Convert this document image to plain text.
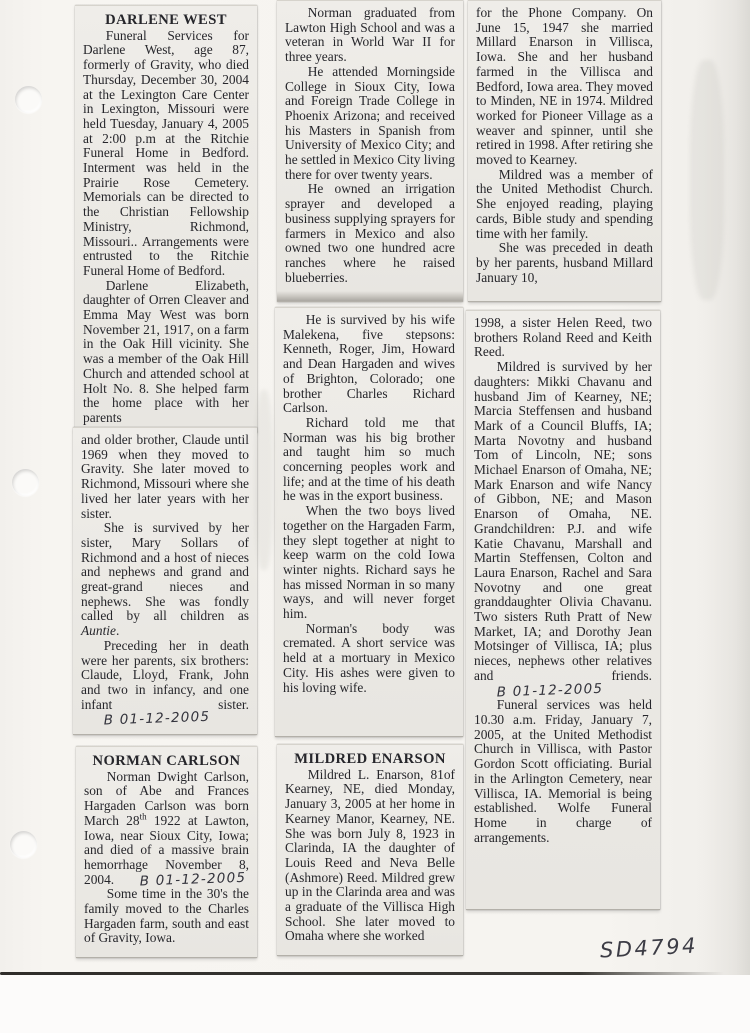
DARLENE WEST

Funeral Services for Darlene West, age 87, formerly of Gravity, who died Thursday, December 30, 2004 at the Lexington Care Center in Lexington, Missouri were held Tuesday, January 4, 2005 at 2:00 p.m at the Ritchie Funeral Home in Bedford. Interment was held in the Prairie Rose Cemetery. Memorials can be directed to the Christian Fellowship Ministry, Richmond, Missouri.. Arrangements were entrusted to the Ritchie Funeral Home of Bedford.

Darlene Elizabeth, daughter of Orren Cleaver and Emma May West was born November 21, 1917, on a farm in the Oak Hill vicinity. She was a member of the Oak Hill Church and attended school at Holt No. 8. She helped farm the home place with her parents

and older brother, Claude until 1969 when they moved to Gravity. She later moved to Richmond, Missouri where she lived her later years with her sister.

She is survived by her sister, Mary Sollars of Richmond and a host of nieces and nephews and grand and great-grand nieces and nephews. She was fondly called by all children as Auntie.

Preceding her in death were her parents, six brothers: Claude, Lloyd, Frank, John and two in infancy, and one infant sister. B 01-12-2005

NORMAN CARLSON

Norman Dwight Carlson, son of Abe and Frances Hargaden Carlson was born March 28th 1922 at Lawton, Iowa, near Sioux City, Iowa; and died of a massive brain hemorrhage November 8, 2004. B 01-12-2005

Some time in the 30's the family moved to the Charles Hargaden farm, south and east of Gravity, Iowa.

Norman graduated from Lawton High School and was a veteran in World War II for three years.

He attended Morningside College in Sioux City, Iowa and Foreign Trade College in Phoenix Arizona; and received his Masters in Spanish from University of Mexico City; and he settled in Mexico City living there for over twenty years.

He owned an irrigation sprayer and developed a business supplying sprayers for farmers in Mexico and also owned two one hundred acre ranches where he raised blueberries.

He is survived by his wife Malekena, five stepsons: Kenneth, Roger, Jim, Howard and Dean Hargaden and wives of Brighton, Colorado; one brother Charles Richard Carlson.

Richard told me that Norman was his big brother and taught him so much concerning peoples work and life; and at the time of his death he was in the export business.

When the two boys lived together on the Hargaden Farm, they slept together at night to keep warm on the cold Iowa winter nights. Richard says he has missed Norman in so many ways, and will never forget him.

Norman's body was cremated. A short service was held at a mortuary in Mexico City. His ashes were given to his loving wife.

MILDRED ENARSON

Mildred L. Enarson, 81of Kearney, NE, died Monday, January 3, 2005 at her home in Kearney Manor, Kearney, NE. She was born July 8, 1923 in Clarinda, IA the daughter of Louis Reed and Neva Belle (Ashmore) Reed. Mildred grew up in the Clarinda area and was a graduate of the Villisca High School. She later moved to Omaha where she worked

for the Phone Company. On June 15, 1947 she married Millard Enarson in Villisca, Iowa. She and her husband farmed in the Villisca and Bedford, Iowa area. They moved to Minden, NE in 1974. Mildred worked for Pioneer Village as a weaver and spinner, until she retired in 1998. After retiring she moved to Kearney.

Mildred was a member of the United Methodist Church. She enjoyed reading, playing cards, Bible study and spending time with her family.

She was preceded in death by her parents, husband Millard January 10,

1998, a sister Helen Reed, two brothers Roland Reed and Keith Reed.

Mildred is survived by her daughters: Mikki Chavanu and husband Jim of Kearney, NE; Marcia Steffensen and husband Mark of a Council Bluffs, IA; Marta Novotny and husband Tom of Lincoln, NE; sons Michael Enarson of Omaha, NE; Mark Enarson and wife Nancy of Gibbon, NE; and Mason Enarson of Omaha, NE. Grandchildren: P.J. and wife Katie Chavanu, Marshall and Martin Steffensen, Colton and Laura Enarson, Rachel and Sara Novotny and one great granddaughter Olivia Chavanu. Two sisters Ruth Pratt of New Market, IA; and Dorothy Jean Motsinger of Villisca, IA; plus nieces, nephews other relatives and friends. B 01-12-2005

Funeral services was held 10.30 a.m. Friday, January 7, 2005, at the United Methodist Church in Villisca, with Pastor Gordon Scott officiating. Burial in the Arlington Cemetery, near Villisca, IA. Memorial is being established. Wolfe Funeral Home in charge of arrangements.

SD4794
